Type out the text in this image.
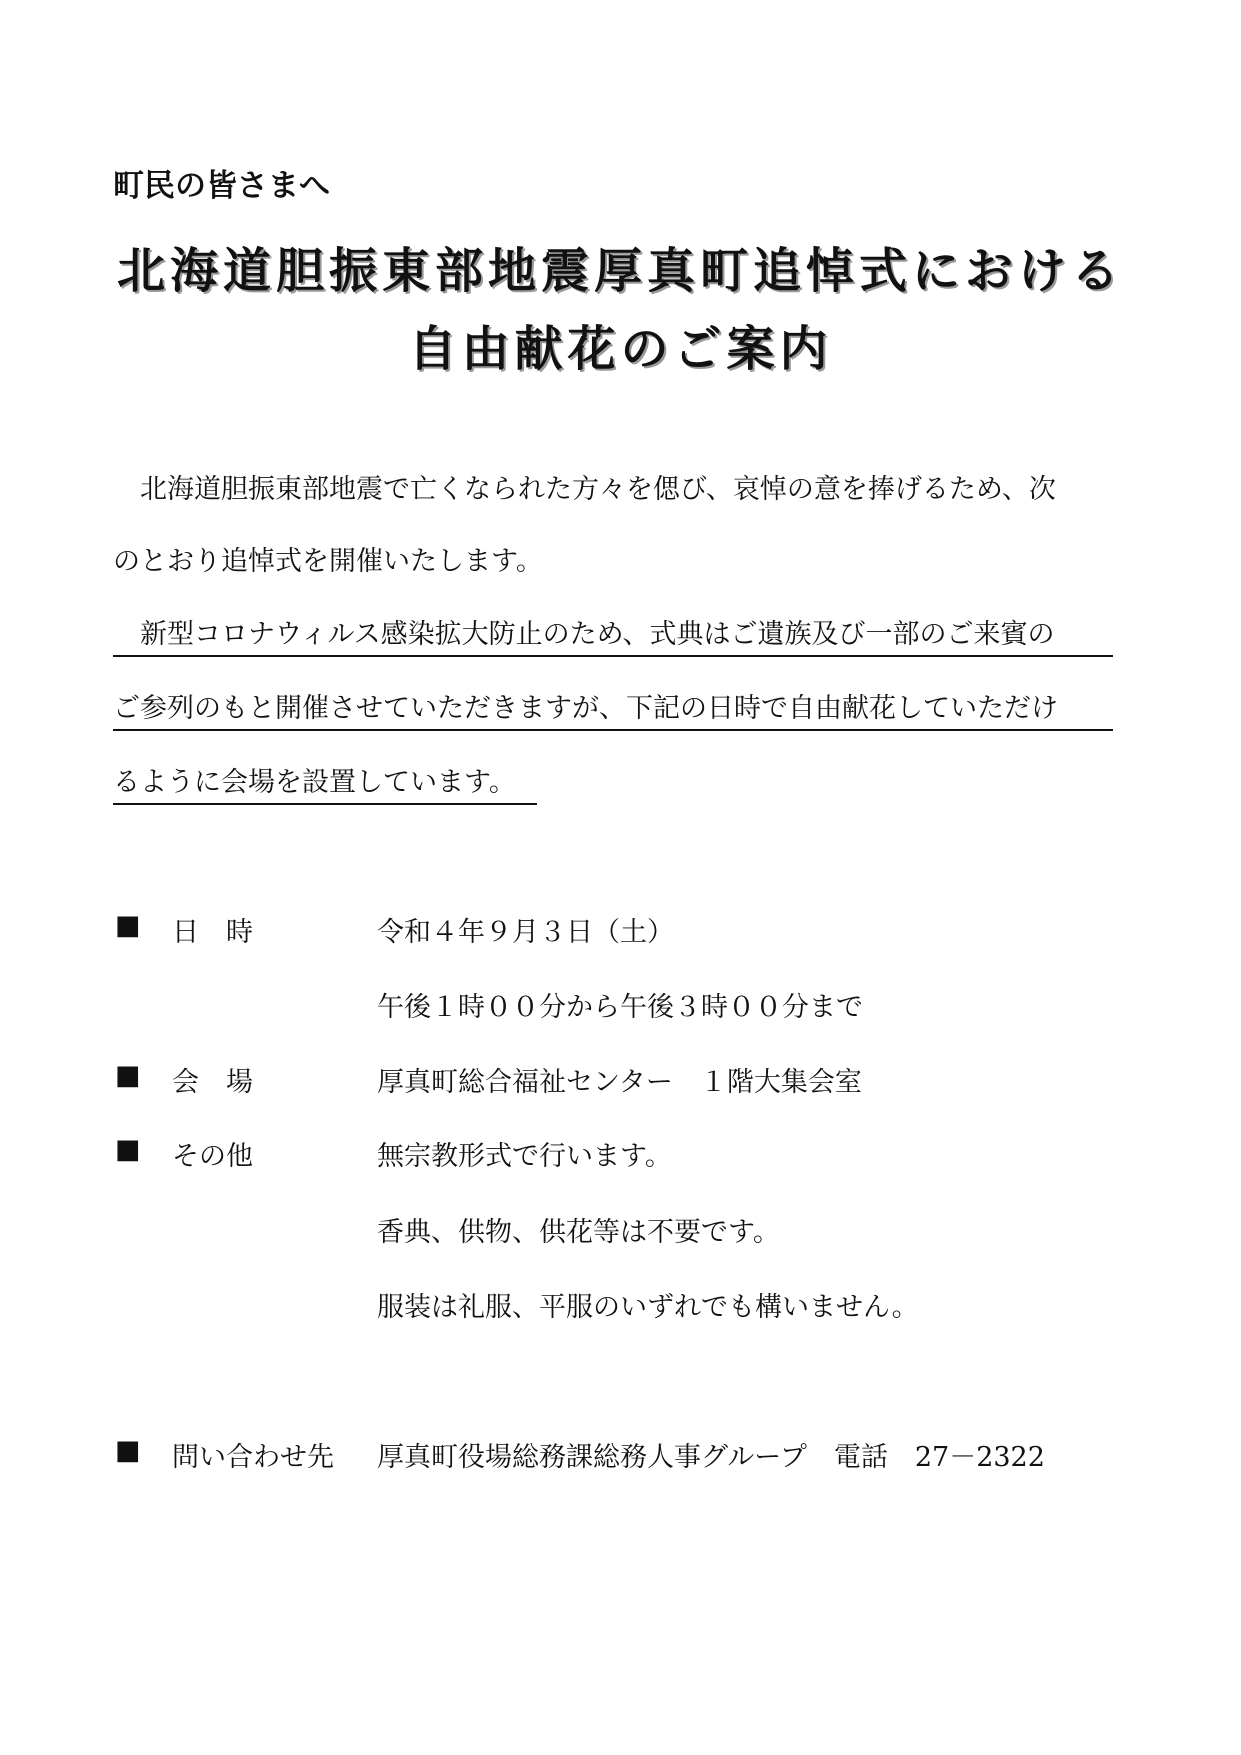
町民の皆さまへ
北海道胆振東部地震厚真町追悼式における
自由献花のご案内
　北海道胆振東部地震で亡くなられた方々を偲び、哀悼の意を捧げるため、次
のとおり追悼式を開催いたします。
　新型コロナウィルス感染拡大防止のため、式典はご遺族及び一部のご来賓の
ご参列のもと開催させていただきますが、下記の日時で自由献花していただけ
るように会場を設置しています。
■ 日　時	令和４年９月３日（土）
午後１時００分から午後３時００分まで
■ 会　場	厚真町総合福祉センター　１階大集会室
■ その他	無宗教形式で行います。
香典、供物、供花等は不要です。
服装は礼服、平服のいずれでも構いません。
■ 問い合わせ先 厚真町役場総務課総務人事グループ　電話　27－2322
